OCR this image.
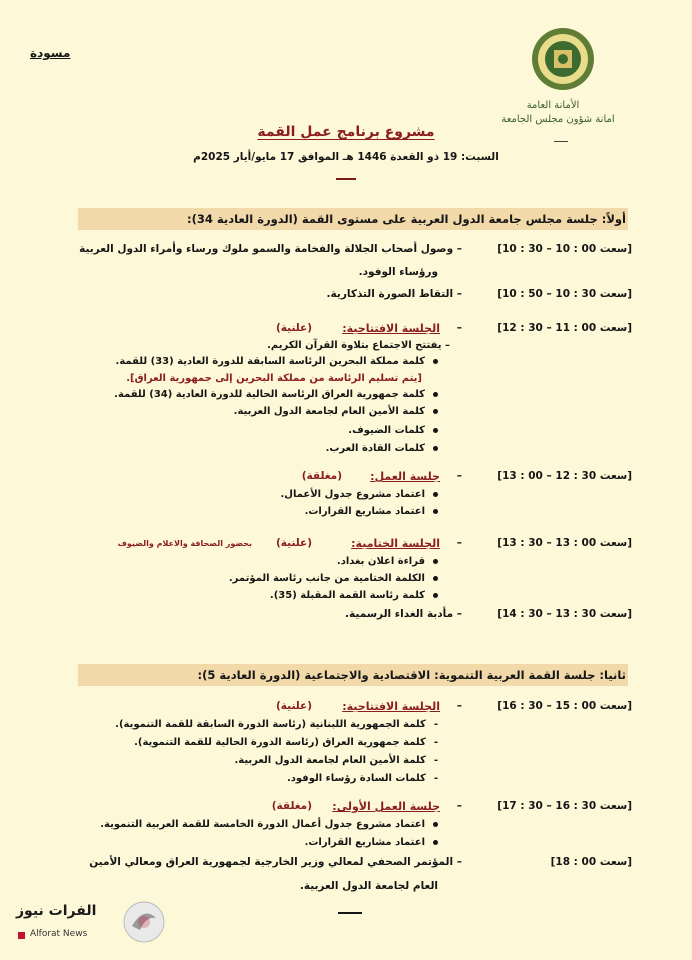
مسودة
الأمانة العامة
امانة شؤون مجلس الجامعة
مشروع برنامج عمل القمة
السبت: 19 ذو القعدة 1446 هـ الموافق 17 مايو/أيار 2025م
أولاً: جلسة مجلس جامعة الدول العربية على مستوى القمة (الدورة العادية 34):
[سعت 00 : 10 – 30 : 10]
– وصول أصحاب الجلالة والفخامة والسمو ملوك ورساء وأمراء الدول العربية
ورؤساء الوفود.
[سعت 30 : 10 – 50 : 10]
– التقاط الصورة التذكارية.
[سعت 00 : 11 – 30 : 12]
–
الجلسة الافتتاحية:
(علنية)
– يفتتح الاجتماع بتلاوة القرآن الكريم.
كلمة مملكة البحرين الرئاسة السابقة للدورة العادية (33) للقمة.
[يتم تسليم الرئاسة من مملكة البحرين إلى جمهورية العراق].
كلمة جمهورية العراق الرئاسة الحالية للدورة العادية (34) للقمة.
كلمة الأمين العام لجامعة الدول العربية.
كلمات الضيوف.
كلمات القادة العرب.
[سعت 30 : 12 – 00 : 13]
–
جلسة العمل:
(مغلقة)
اعتماد مشروع جدول الأعمال.
اعتماد مشاريع القرارات.
[سعت 00 : 13 – 30 : 13]
–
الجلسة الختامية:
(علنية)
بحضور الصحافة والاعلام والضيوف
قراءة اعلان بغداد.
الكلمة الختامية من جانب رئاسة المؤتمر.
كلمة رئاسة القمة المقبلة (35).
[سعت 30 : 13 – 30 : 14]
– مأدبة الغداء الرسمية.
ثانيا: جلسة القمة العربية التنموية: الاقتصادية والاجتماعية (الدورة العادية 5):
[سعت 00 : 15 – 30 : 16]
–
الجلسة الافتتاحية:
(علنية)
-كلمة الجمهورية اللبنانية (رئاسة الدورة السابقة للقمة التنموية).
-كلمة جمهورية العراق (رئاسة الدورة الحالية للقمة التنموية).
-كلمة الأمين العام لجامعة الدول العربية.
-كلمات السادة رؤساء الوفود.
[سعت 30 : 16 – 30 : 17]
–
جلسة العمل الأولى:
(مغلقة)
اعتماد مشروع جدول أعمال الدورة الخامسة للقمة العربية التنموية.
اعتماد مشاريع القرارات.
[سعت 00 : 18]
– المؤتمر الصحفي لمعالي وزير الخارجية لجمهورية العراق ومعالي الأمين
العام لجامعة الدول العربية.
الفرات نيوز
Alforat News
